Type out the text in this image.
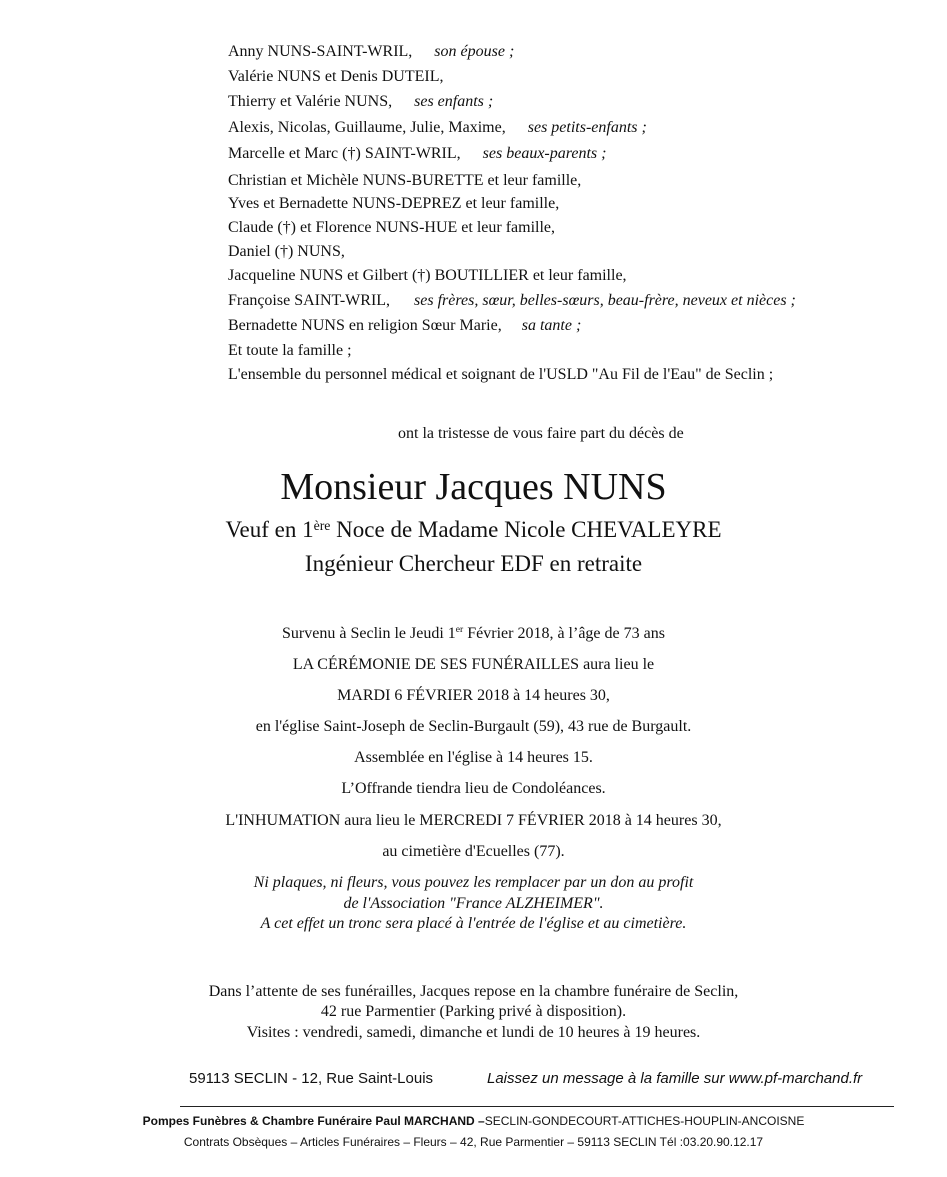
Anny NUNS-SAINT-WRIL, son épouse ;
Valérie NUNS et Denis DUTEIL,
Thierry et Valérie NUNS, ses enfants ;
Alexis, Nicolas, Guillaume, Julie, Maxime, ses petits-enfants ;
Marcelle et Marc (†) SAINT-WRIL, ses beaux-parents ;
Christian et Michèle NUNS-BURETTE et leur famille,
Yves et Bernadette NUNS-DEPREZ et leur famille,
Claude (†) et Florence NUNS-HUE et leur famille,
Daniel (†) NUNS,
Jacqueline NUNS et Gilbert (†) BOUTILLIER et leur famille,
Françoise SAINT-WRIL, ses frères, sœur, belles-sœurs, beau-frère, neveux et nièces ;
Bernadette NUNS en religion Sœur Marie, sa tante ;
Et toute la famille ;
L'ensemble du personnel médical et soignant de l'USLD "Au Fil de l'Eau" de Seclin ;
ont la tristesse de vous faire part du décès de
Monsieur Jacques NUNS
Veuf en 1ère Noce de Madame Nicole CHEVALEYRE
Ingénieur Chercheur EDF en retraite
Survenu à Seclin le Jeudi 1er Février 2018, à l’âge de 73 ans
LA CÉRÉMONIE DE SES FUNÉRAILLES aura lieu le
MARDI 6 FÉVRIER 2018 à 14 heures 30,
en l'église Saint-Joseph de Seclin-Burgault (59), 43 rue de Burgault.
Assemblée en l'église à 14 heures 15.
L’Offrande tiendra lieu de Condoléances.
L'INHUMATION aura lieu le MERCREDI 7 FÉVRIER 2018 à 14 heures 30,
au cimetière d'Ecuelles (77).
Ni plaques, ni fleurs, vous pouvez les remplacer par un don au profit
de l'Association "France ALZHEIMER".
A cet effet un tronc sera placé à l'entrée de l'église et au cimetière.
Dans l’attente de ses funérailles, Jacques repose en la chambre funéraire de Seclin,
42 rue Parmentier (Parking privé à disposition).
Visites : vendredi, samedi, dimanche et lundi de 10 heures à 19 heures.
59113 SECLIN - 12, Rue Saint-Louis	Laissez un message à la famille sur www.pf-marchand.fr
Pompes Funèbres & Chambre Funéraire Paul MARCHAND –SECLIN-GONDECOURT-ATTICHES-HOUPLIN-ANCOISNE
Contrats Obsèques – Articles Funéraires – Fleurs – 42, Rue Parmentier – 59113 SECLIN Tél :03.20.90.12.17
